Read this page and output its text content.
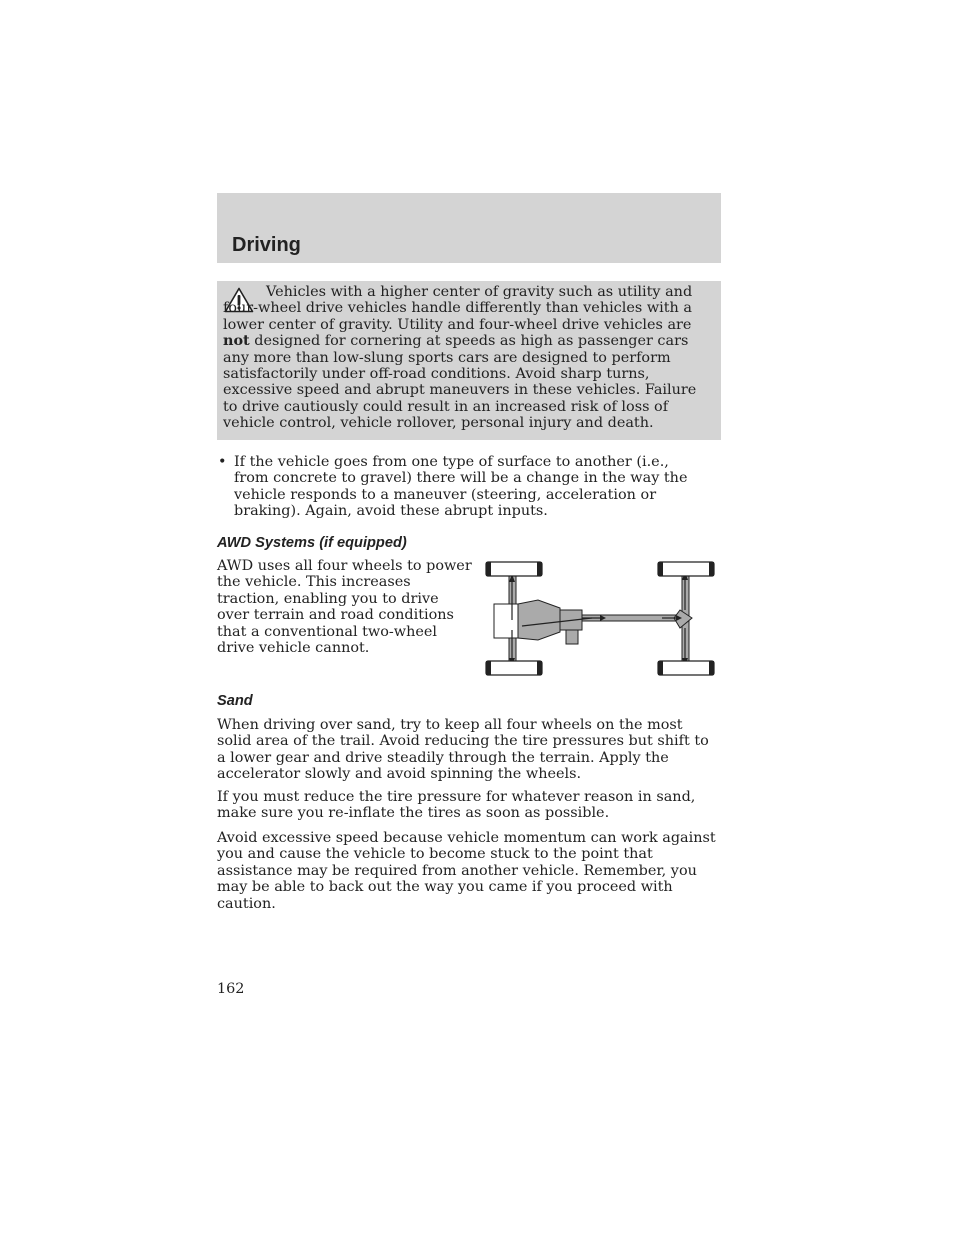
Driving

Vehicles with a higher center of gravity such as utility and four-wheel drive vehicles handle differently than vehicles with a lower center of gravity. Utility and four-wheel drive vehicles are not designed for cornering at speeds as high as passenger cars any more than low-slung sports cars are designed to perform satisfactorily under off-road conditions. Avoid sharp turns, excessive speed and abrupt maneuvers in these vehicles. Failure to drive cautiously could result in an increased risk of loss of vehicle control, vehicle rollover, personal injury and death.

• If the vehicle goes from one type of surface to another (i.e., from concrete to gravel) there will be a change in the way the vehicle responds to a maneuver (steering, acceleration or braking). Again, avoid these abrupt inputs.
AWD Systems (if equipped)

AWD uses all four wheels to power the vehicle. This increases traction, enabling you to drive over terrain and road conditions that a conventional two-wheel drive vehicle cannot.

Sand

When driving over sand, try to keep all four wheels on the most solid area of the trail. Avoid reducing the tire pressures but shift to a lower gear and drive steadily through the terrain. Apply the accelerator slowly and avoid spinning the wheels.

If you must reduce the tire pressure for whatever reason in sand, make sure you re-inflate the tires as soon as possible.

Avoid excessive speed because vehicle momentum can work against you and cause the vehicle to become stuck to the point that assistance may be required from another vehicle. Remember, you may be able to back out the way you came if you proceed with caution.

162
